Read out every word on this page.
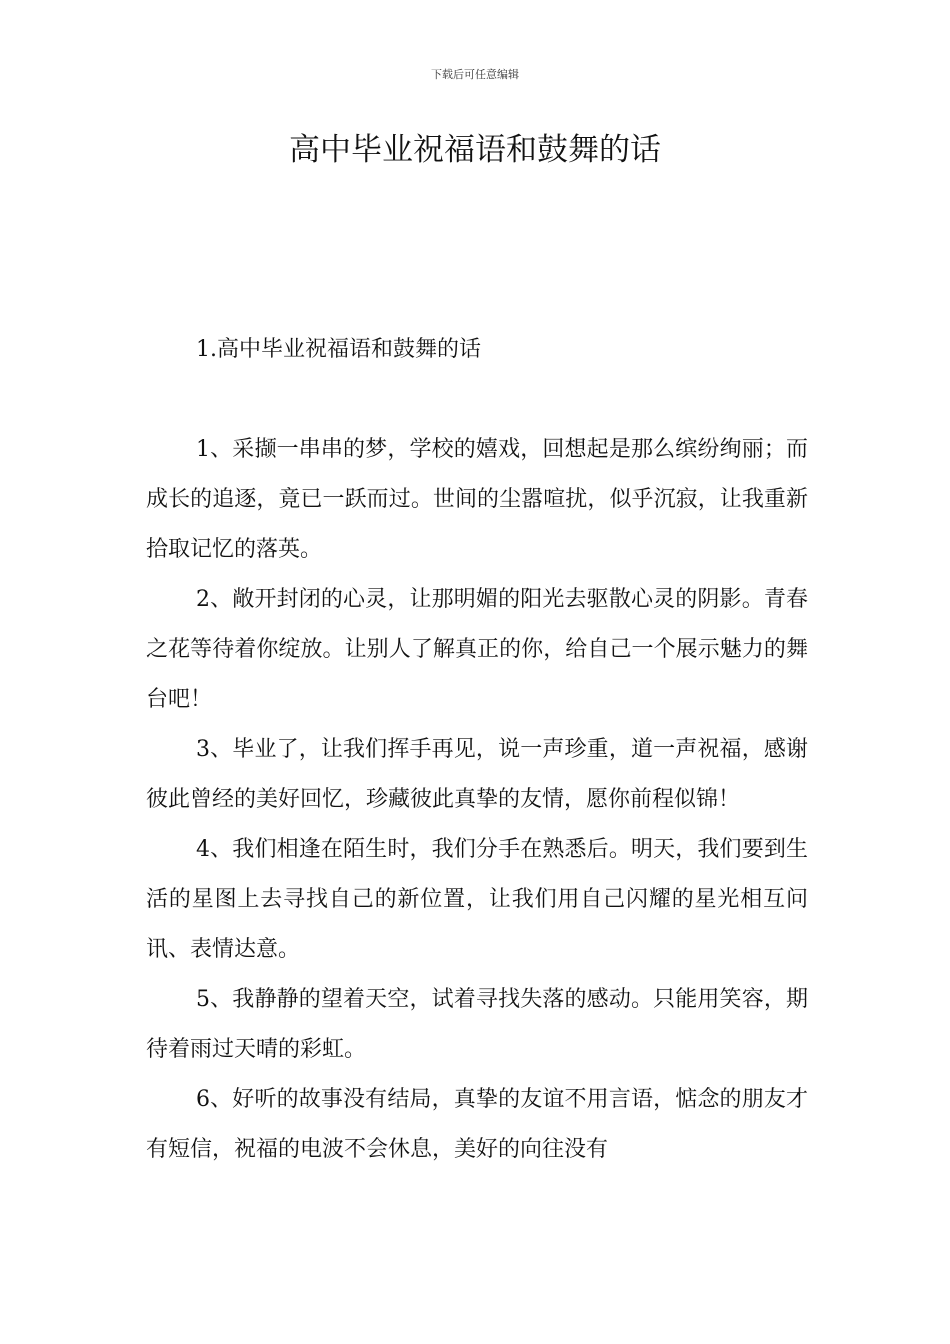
下载后可任意编辑
高中毕业祝福语和鼓舞的话
1.高中毕业祝福语和鼓舞的话

1、采撷一串串的梦，学校的嬉戏，回想起是那么缤纷绚丽；而成长的追逐，竟已一跃而过。世间的尘嚣喧扰，似乎沉寂，让我重新拾取记忆的落英。

2、敞开封闭的心灵，让那明媚的阳光去驱散心灵的阴影。青春之花等待着你绽放。让别人了解真正的你，给自己一个展示魅力的舞台吧！

3、毕业了，让我们挥手再见，说一声珍重，道一声祝福，感谢彼此曾经的美好回忆，珍藏彼此真挚的友情，愿你前程似锦！

4、我们相逢在陌生时，我们分手在熟悉后。明天，我们要到生活的星图上去寻找自己的新位置，让我们用自己闪耀的星光相互问讯、表情达意。

5、我静静的望着天空，试着寻找失落的感动。只能用笑容，期待着雨过天晴的彩虹。

6、好听的故事没有结局，真挚的友谊不用言语，惦念的朋友才有短信，祝福的电波不会休息，美好的向往没有
